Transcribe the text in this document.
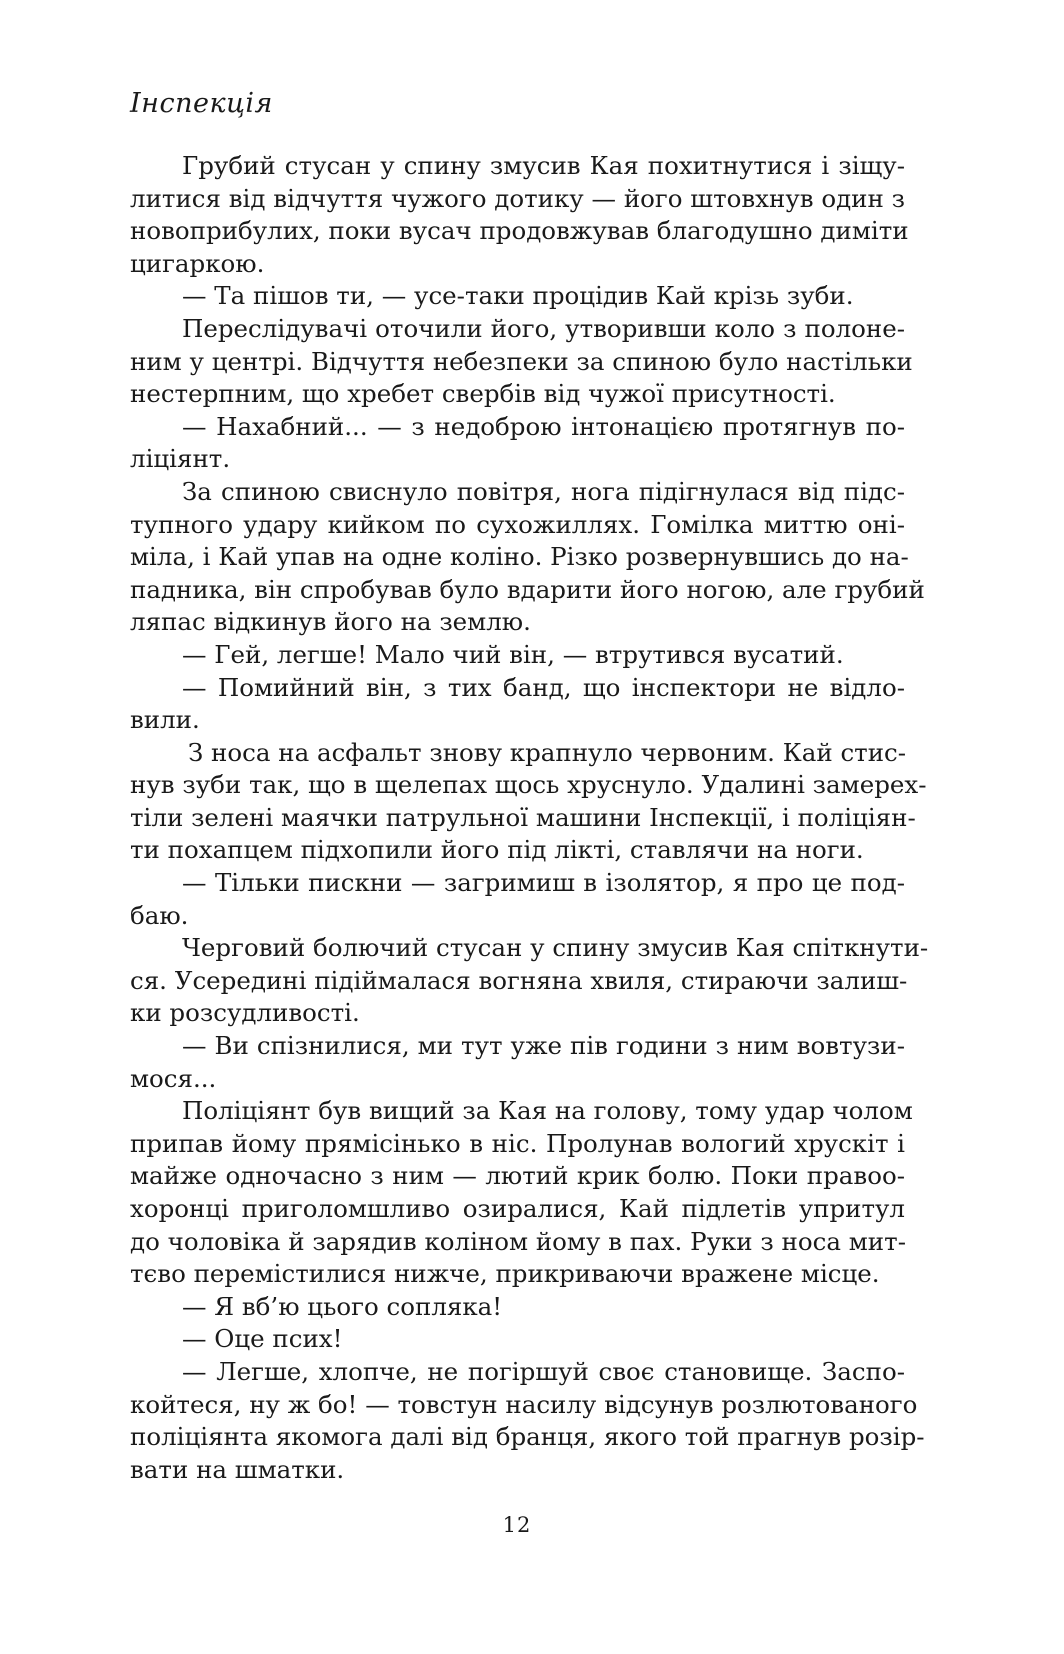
Інспекція
Грубий стусан у спину змусив Кая похитнутися і зіщу-
литися від відчуття чужого дотику — його штовхнув один з
новоприбулих, поки вусач продовжував благодушно диміти
цигаркою.
— Та пішов ти, — усе-таки процідив Кай крізь зуби.
Переслідувачі оточили його, утворивши коло з полоне-
ним у центрі. Відчуття небезпеки за спиною було настільки
нестерпним, що хребет свербів від чужої присутності.
— Нахабний... — з недоброю інтонацією протягнув по-
ліціянт.
За спиною свиснуло повітря, нога підігнулася від підс-
тупного удару кийком по сухожиллях. Гомілка миттю оні-
міла, і Кай упав на одне коліно. Різко розвернувшись до на-
падника, він спробував було вдарити його ногою, але грубий
ляпас відкинув його на землю.
— Гей, легше! Мало чий він, — втрутився вусатий.
— Помийний він, з тих банд, що інспектори не відло-
вили.
З носа на асфальт знову крапнуло червоним. Кай стис-
нув зуби так, що в щелепах щось хруснуло. Удалині замерех-
тіли зелені маячки патрульної машини Інспекції, і поліціян-
ти похапцем підхопили його під лікті, ставлячи на ноги.
— Тільки пискни — загримиш в ізолятор, я про це под-
баю.
Черговий болючий стусан у спину змусив Кая спіткнути-
ся. Усередині підіймалася вогняна хвиля, стираючи залиш-
ки розсудливості.
— Ви спізнилися, ми тут уже пів години з ним вовтузи-
мося...
Поліціянт був вищий за Кая на голову, тому удар чолом
припав йому прямісінько в ніс. Пролунав вологий хрускіт і
майже одночасно з ним — лютий крик болю. Поки правоо-
хоронці приголомшливо озиралися, Кай підлетів упритул
до чоловіка й зарядив коліном йому в пах. Руки з носа мит-
тєво перемістилися нижче, прикриваючи вражене місце.
— Я вб’ю цього сопляка!
— Оце псих!
— Легше, хлопче, не погіршуй своє становище. Заспо-
койтеся, ну ж бо! — товстун насилу відсунув розлютованого
поліціянта якомога далі від бранця, якого той прагнув розір-
вати на шматки.
12
